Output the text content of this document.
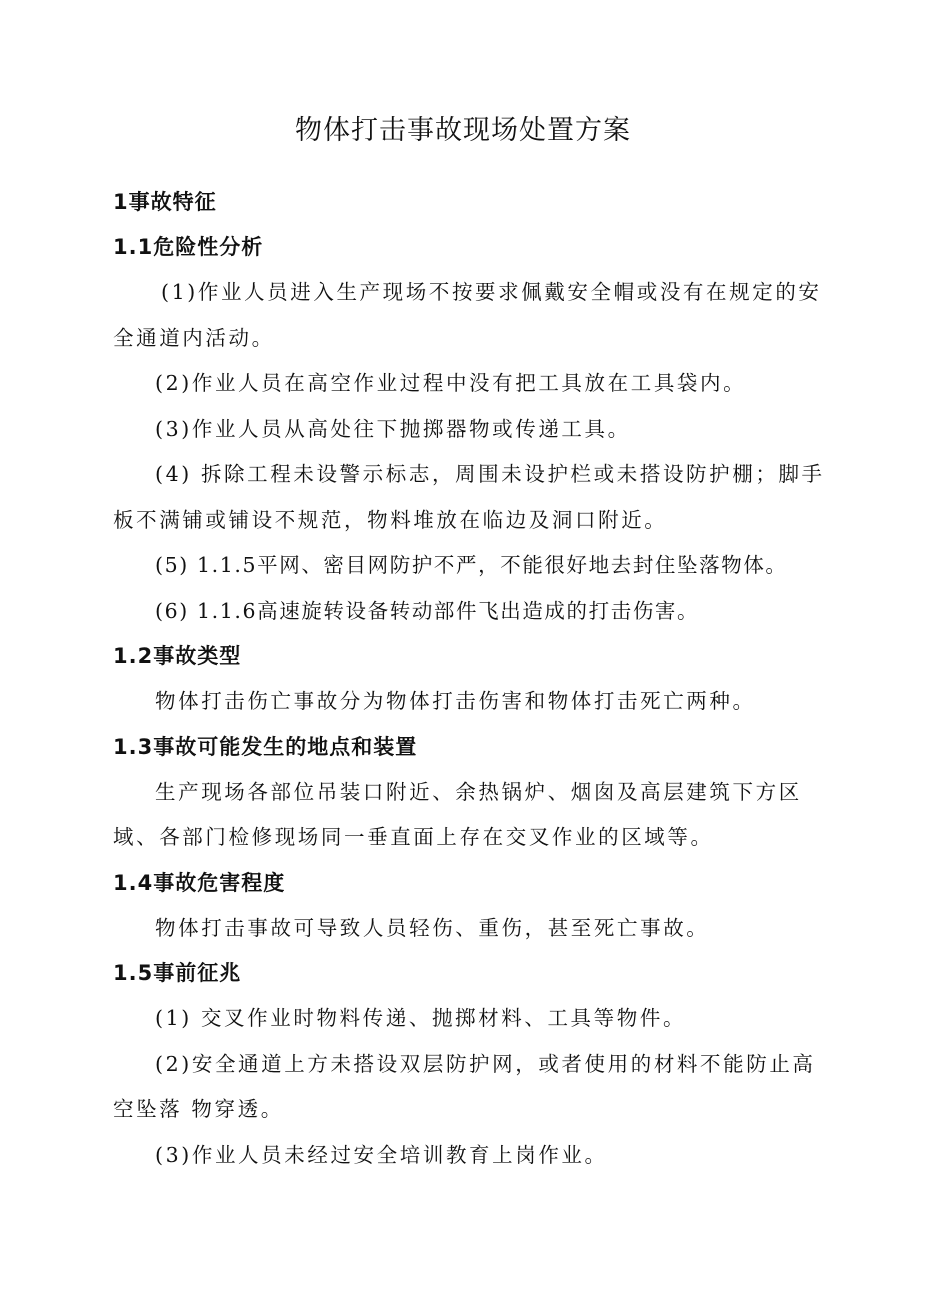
物体打击事故现场处置方案

1事故特征

1.1危险性分析

(1)作业人员进入生产现场不按要求佩戴安全帽或没有在规定的安全通道内活动。

(2)作业人员在高空作业过程中没有把工具放在工具袋内。

(3)作业人员从高处往下抛掷器物或传递工具。

(4) 拆除工程未设警示标志，周围未设护栏或未搭设防护棚；脚手板不满铺或铺设不规范，物料堆放在临边及洞口附近。

(5) 1.1.5平网、密目网防护不严，不能很好地去封住坠落物体。

(6) 1.1.6高速旋转设备转动部件飞出造成的打击伤害。

1.2事故类型

物体打击伤亡事故分为物体打击伤害和物体打击死亡两种。

1.3事故可能发生的地点和装置

生产现场各部位吊装口附近、余热锅炉、烟囱及高层建筑下方区域、各部门检修现场同一垂直面上存在交叉作业的区域等。

1.4事故危害程度

物体打击事故可导致人员轻伤、重伤，甚至死亡事故。

1.5事前征兆

(1) 交叉作业时物料传递、抛掷材料、工具等物件。

(2)安全通道上方未搭设双层防护网，或者使用的材料不能防止高空坠落 物穿透。

(3)作业人员未经过安全培训教育上岗作业。
